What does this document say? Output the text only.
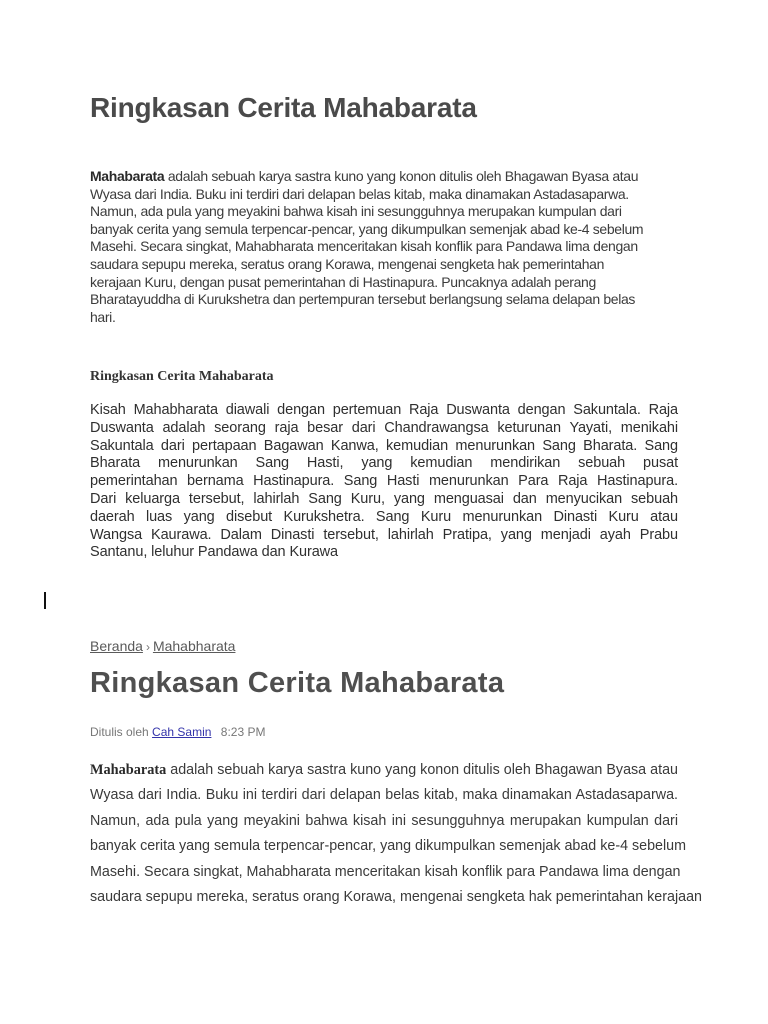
Ringkasan Cerita Mahabarata
Mahabarata adalah sebuah karya sastra kuno yang konon ditulis oleh Bhagawan Byasa atau
Wyasa dari India. Buku ini terdiri dari delapan belas kitab, maka dinamakan Astadasaparwa.
Namun, ada pula yang meyakini bahwa kisah ini sesungguhnya merupakan kumpulan dari
banyak cerita yang semula terpencar-pencar, yang dikumpulkan semenjak abad ke-4 sebelum
Masehi. Secara singkat, Mahabharata menceritakan kisah konflik para Pandawa lima dengan
saudara sepupu mereka, seratus orang Korawa, mengenai sengketa hak pemerintahan
kerajaan Kuru, dengan pusat pemerintahan di Hastinapura. Puncaknya adalah perang
Bharatayuddha di Kurukshetra dan pertempuran tersebut berlangsung selama delapan belas
hari.
Ringkasan Cerita Mahabarata
Kisah Mahabharata diawali dengan pertemuan Raja Duswanta dengan Sakuntala. Raja
Duswanta adalah seorang raja besar dari Chandrawangsa keturunan Yayati, menikahi
Sakuntala dari pertapaan Bagawan Kanwa, kemudian menurunkan Sang Bharata. Sang
Bharata menurunkan Sang Hasti, yang kemudian mendirikan sebuah pusat
pemerintahan bernama Hastinapura. Sang Hasti menurunkan Para Raja Hastinapura.
Dari keluarga tersebut, lahirlah Sang Kuru, yang menguasai dan menyucikan sebuah
daerah luas yang disebut Kurukshetra. Sang Kuru menurunkan Dinasti Kuru atau
Wangsa Kaurawa. Dalam Dinasti tersebut, lahirlah Pratipa, yang menjadi ayah Prabu
Santanu, leluhur Pandawa dan Kurawa
Beranda › Mahabharata
Ringkasan Cerita Mahabarata
Ditulis oleh Cah Samin 8:23 PM
Mahabarata adalah sebuah karya sastra kuno yang konon ditulis oleh Bhagawan Byasa atau
Wyasa dari India. Buku ini terdiri dari delapan belas kitab, maka dinamakan Astadasaparwa.
Namun, ada pula yang meyakini bahwa kisah ini sesungguhnya merupakan kumpulan dari
banyak cerita yang semula terpencar-pencar, yang dikumpulkan semenjak abad ke-4 sebelum
Masehi. Secara singkat, Mahabharata menceritakan kisah konflik para Pandawa lima dengan
saudara sepupu mereka, seratus orang Korawa, mengenai sengketa hak pemerintahan kerajaan
